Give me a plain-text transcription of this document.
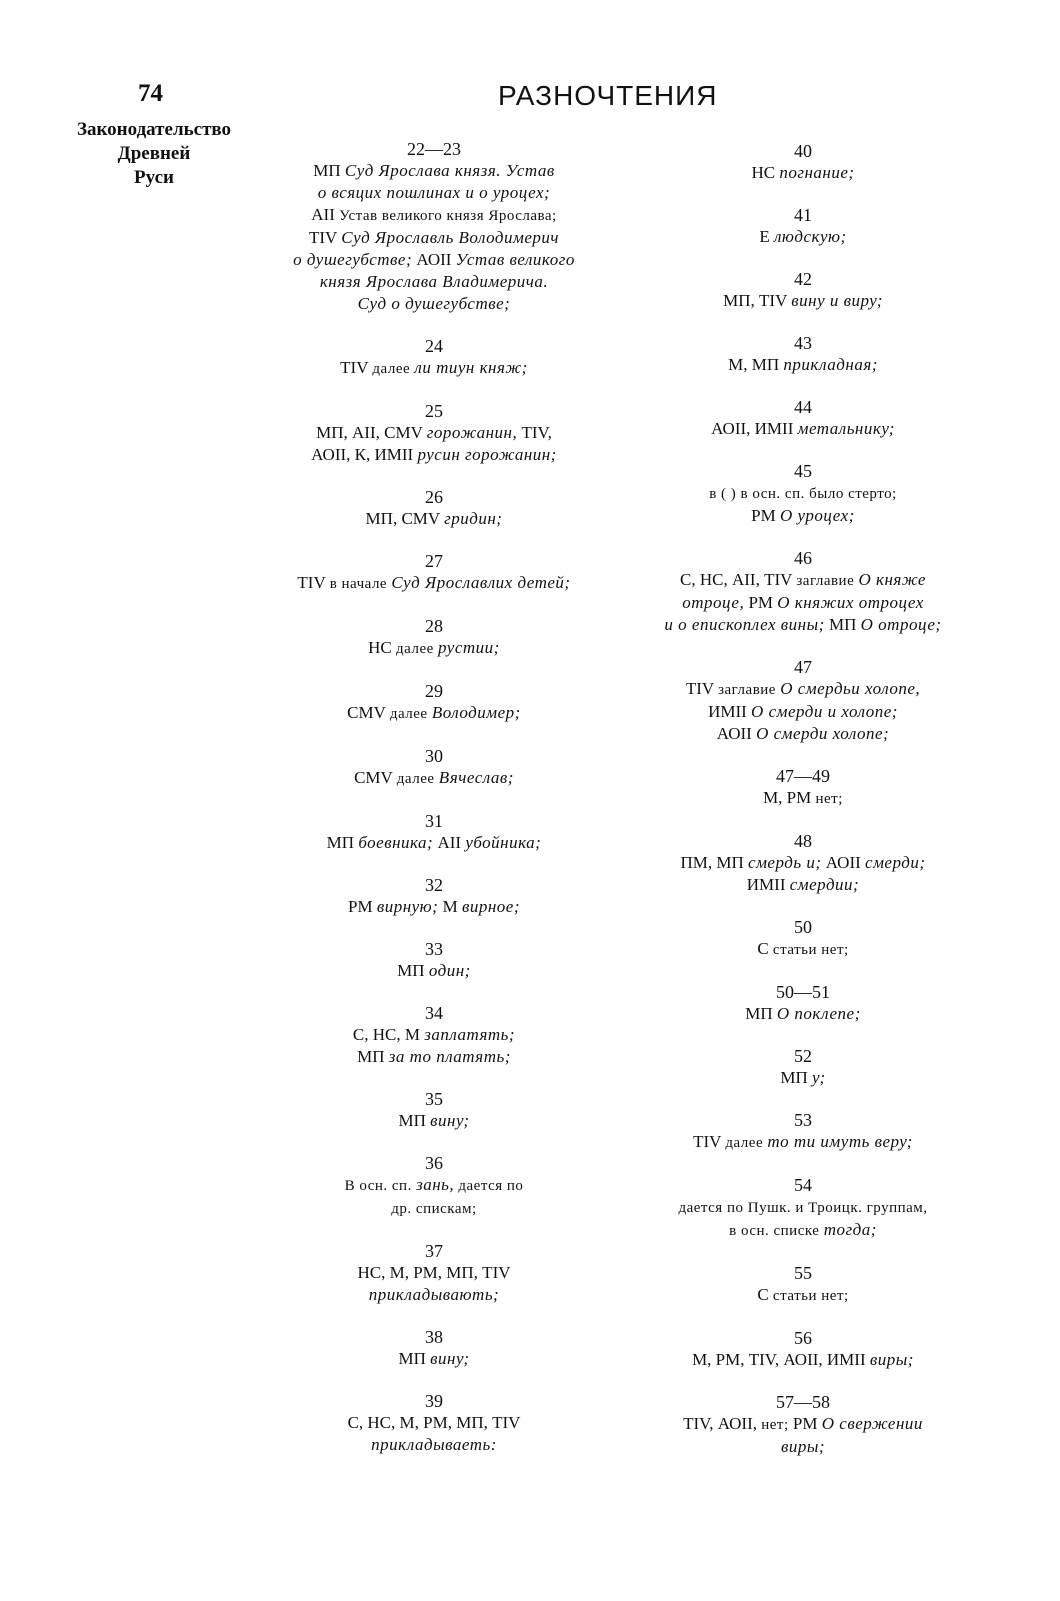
74	РАЗНОЧТЕНИЯ
Законодательство
Древней
Руси
22—23
МП Суд Ярослава князя. Устав
о всяцих пошлинах и о уроцех;
АII Устав великого князя Ярослава;
ТIV Суд Ярославль Володимерич
о душегубстве; АОII Устав великого
князя Ярослава Владимерича.
Суд о душегубстве;
24
ТIV далее ли тиун княж;
25
МП, АII, СМV горожанин, ТIV,
АОII, К, ИМII русин горожанин;
26
МП, СМV гридин;
27
ТIV в начале Суд Ярославлих детей;
28
НС далее рустии;
29
СМV далее Володимер;
30
СМV далее Вячеслав;
31
МП боевника; АII убойника;
32
РМ вирную; М вирное;
33
МП один;
34
С, НС, М заплатять;
МП за то платять;
35
МП вину;
36
В осн. сп. зань, дается по
др. спискам;
37
НС, М, РМ, МП, ТIV
прикладывають;
38
МП вину;
39
С, НС, М, РМ, МП, ТIV
прикладываеть:
40
НС погнание;
41
Е людскую;
42
МП, ТIV вину и виру;
43
М, МП прикладная;
44
АОII, ИМII метальнику;
45
в ( ) в осн. сп. было стерто;
РМ О уроцех;
46
С, НС, АII, ТIV заглавие О княже
отроце, РМ О княжих отроцех
и о епископлех вины; МП О отроце;
47
ТIV заглавие О смердьи холопе,
ИМII О смерди и холопе;
АОII О смерди холопе;
47—49
М, РМ нет;
48
ПМ, МП смердь и; АОII смерди;
ИМII смердии;
50
С статьи нет;
50—51
МП О поклепе;
52
МП у;
53
ТIV далее то ти имуть веру;
54
дается по Пушк. и Троицк. группам,
в осн. списке тогда;
55
С статьи нет;
56
М, РМ, ТIV, АОII, ИМII виры;
57—58
ТIV, АОII, нет; РМ О свержении
виры;
